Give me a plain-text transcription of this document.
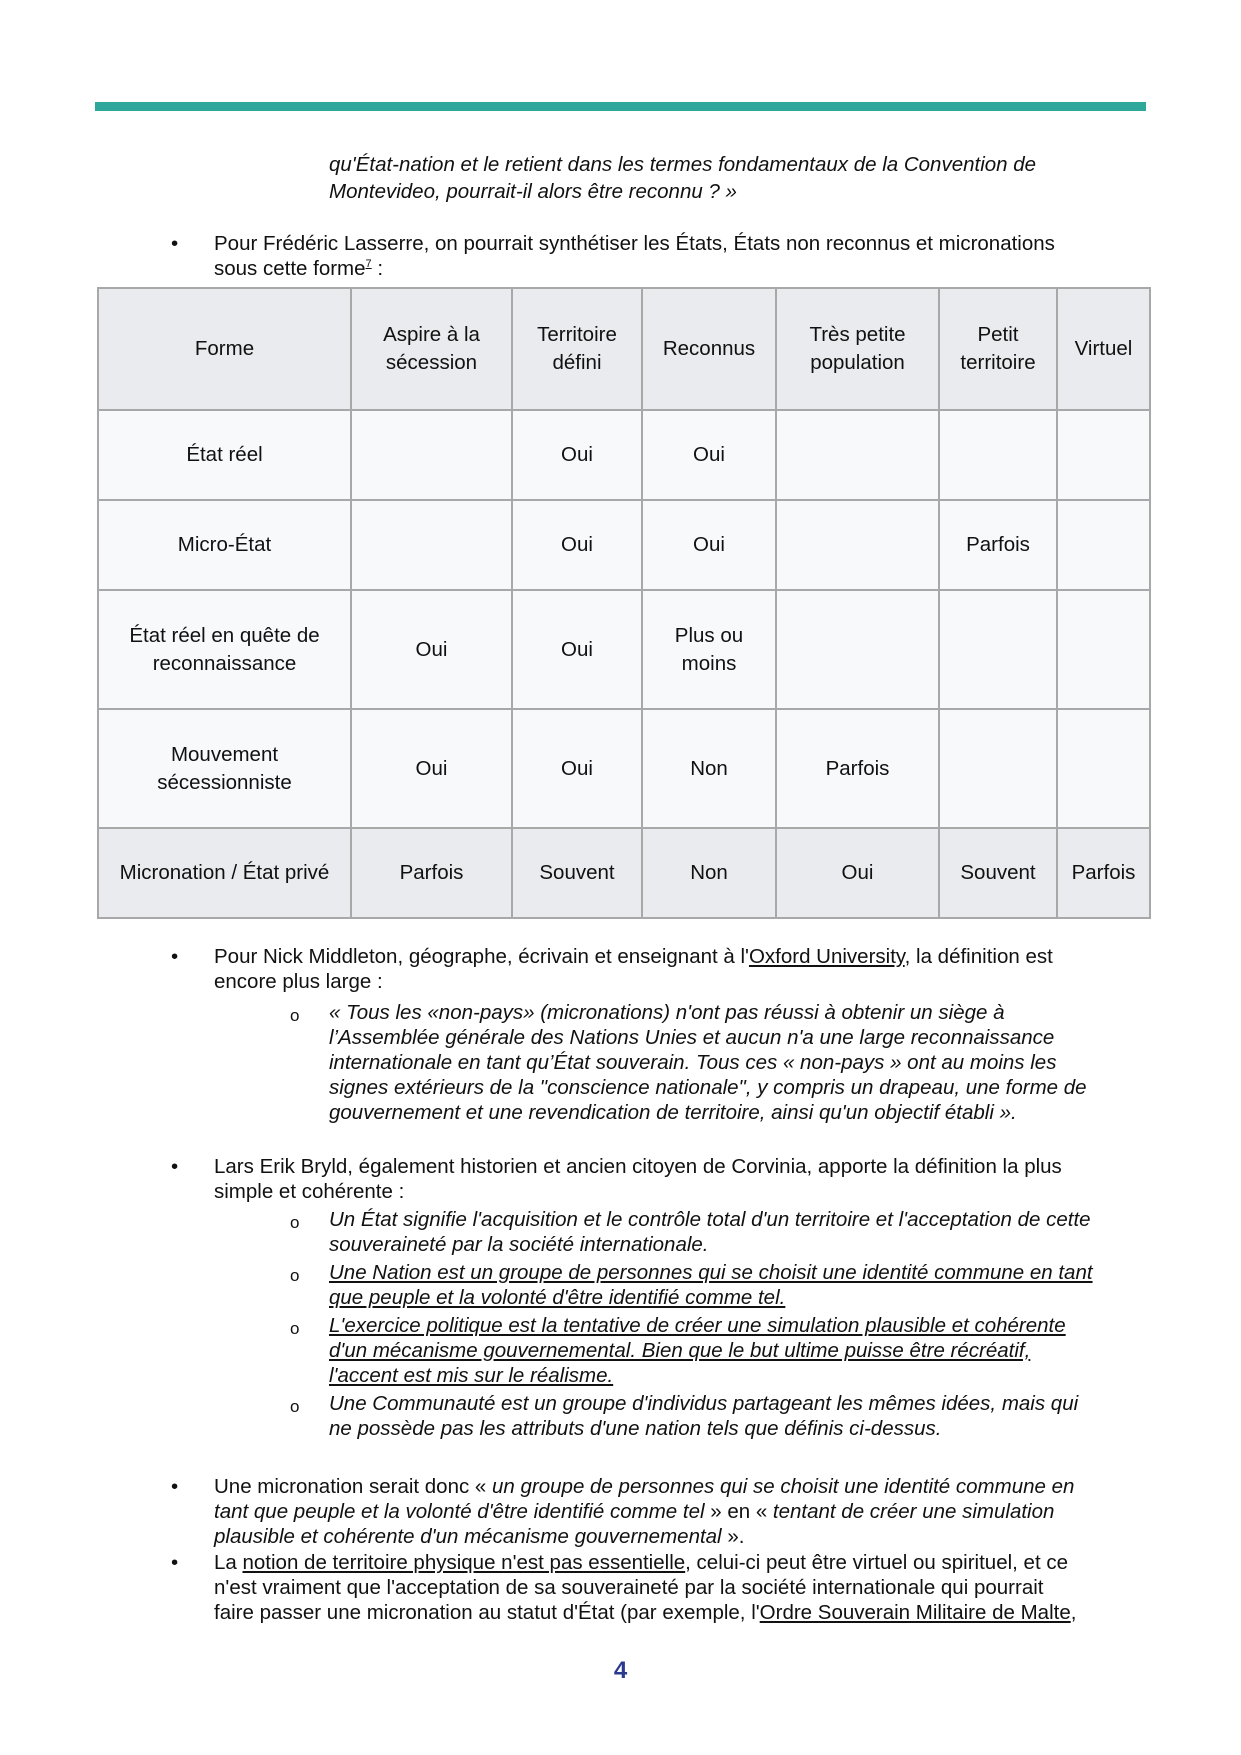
qu'État-nation et le retient dans les termes fondamentaux de la Convention de
Montevideo, pourrait-il alors être reconnu ? »
• Pour Frédéric Lasserre, on pourrait synthétiser les États, États non reconnus et micronations
sous cette forme$^7$ :
Forme	Aspire à la sécession	Territoire défini	Reconnus	Très petite population	Petit territoire	Virtuel
État réel		Oui	Oui			
Micro-État		Oui	Oui		Parfois	
État réel en quête de reconnaissance	Oui	Oui	Plus ou moins			
Mouvement sécessionniste	Oui	Oui	Non	Parfois		
Micronation / État privé	Parfois	Souvent	Non	Oui	Souvent	Parfois
• Pour Nick Middleton, géographe, écrivain et enseignant à l'Oxford University, la définition est
encore plus large :
o « Tous les «non-pays» (micronations) n'ont pas réussi à obtenir un siège à
l’Assemblée générale des Nations Unies et aucun n'a une large reconnaissance
internationale en tant qu’État souverain. Tous ces « non-pays » ont au moins les
signes extérieurs de la "conscience nationale", y compris un drapeau, une forme de
gouvernement et une revendication de territoire, ainsi qu'un objectif établi ».
• Lars Erik Bryld, également historien et ancien citoyen de Corvinia, apporte la définition la plus
simple et cohérente :
o Un État signifie l'acquisition et le contrôle total d'un territoire et l'acceptation de cette
souveraineté par la société internationale.
o Une Nation est un groupe de personnes qui se choisit une identité commune en tant
que peuple et la volonté d'être identifié comme tel.
o L'exercice politique est la tentative de créer une simulation plausible et cohérente
d'un mécanisme gouvernemental. Bien que le but ultime puisse être récréatif,
l'accent est mis sur le réalisme.
o Une Communauté est un groupe d'individus partageant les mêmes idées, mais qui
ne possède pas les attributs d'une nation tels que définis ci-dessus.
• Une micronation serait donc « un groupe de personnes qui se choisit une identité commune en
tant que peuple et la volonté d'être identifié comme tel » en « tentant de créer une simulation
plausible et cohérente d'un mécanisme gouvernemental ».
• La notion de territoire physique n'est pas essentielle, celui-ci peut être virtuel ou spirituel, et ce
n'est vraiment que l'acceptation de sa souveraineté par la société internationale qui pourrait
faire passer une micronation au statut d'État (par exemple, l'Ordre Souverain Militaire de Malte,
4
